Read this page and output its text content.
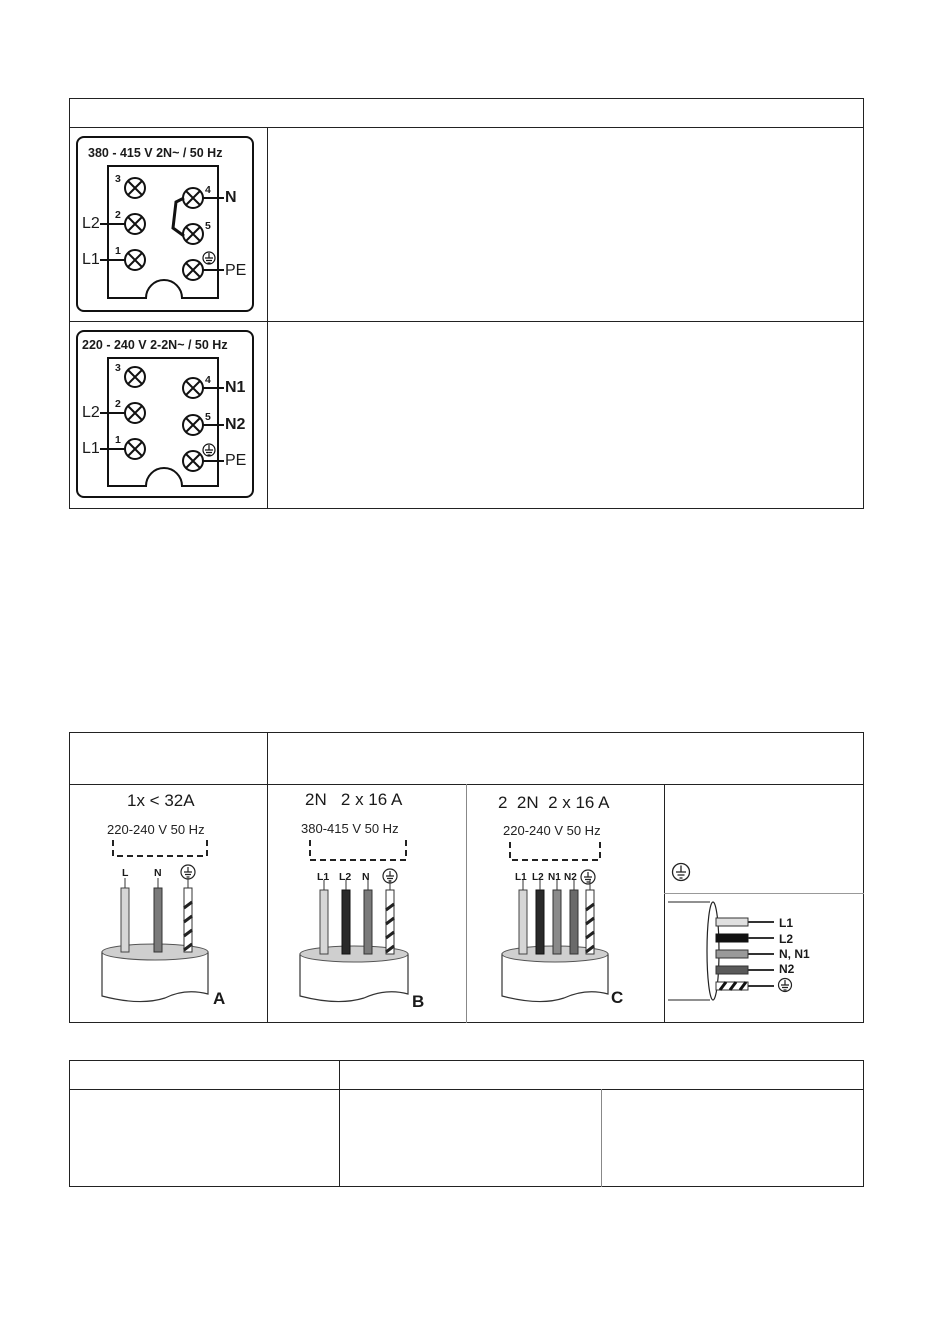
380 - 415 V 2N~ / 50 Hz
3
2
1
4
5
L2
L1
N
PE
220 - 240 V 2-2N~ / 50 Hz
3
2
1
4
5
L2
L1
N1
N2
PE
1x < 32A
220-240 V 50 Hz
L N
A
2N   2 x 16 A
380-415 V 50 Hz
L1 L2 N
B
2  2N  2 x 16 A
220-240 V 50 Hz
L1 L2 N1 N2
C
L1
L2
N, N1
N2
